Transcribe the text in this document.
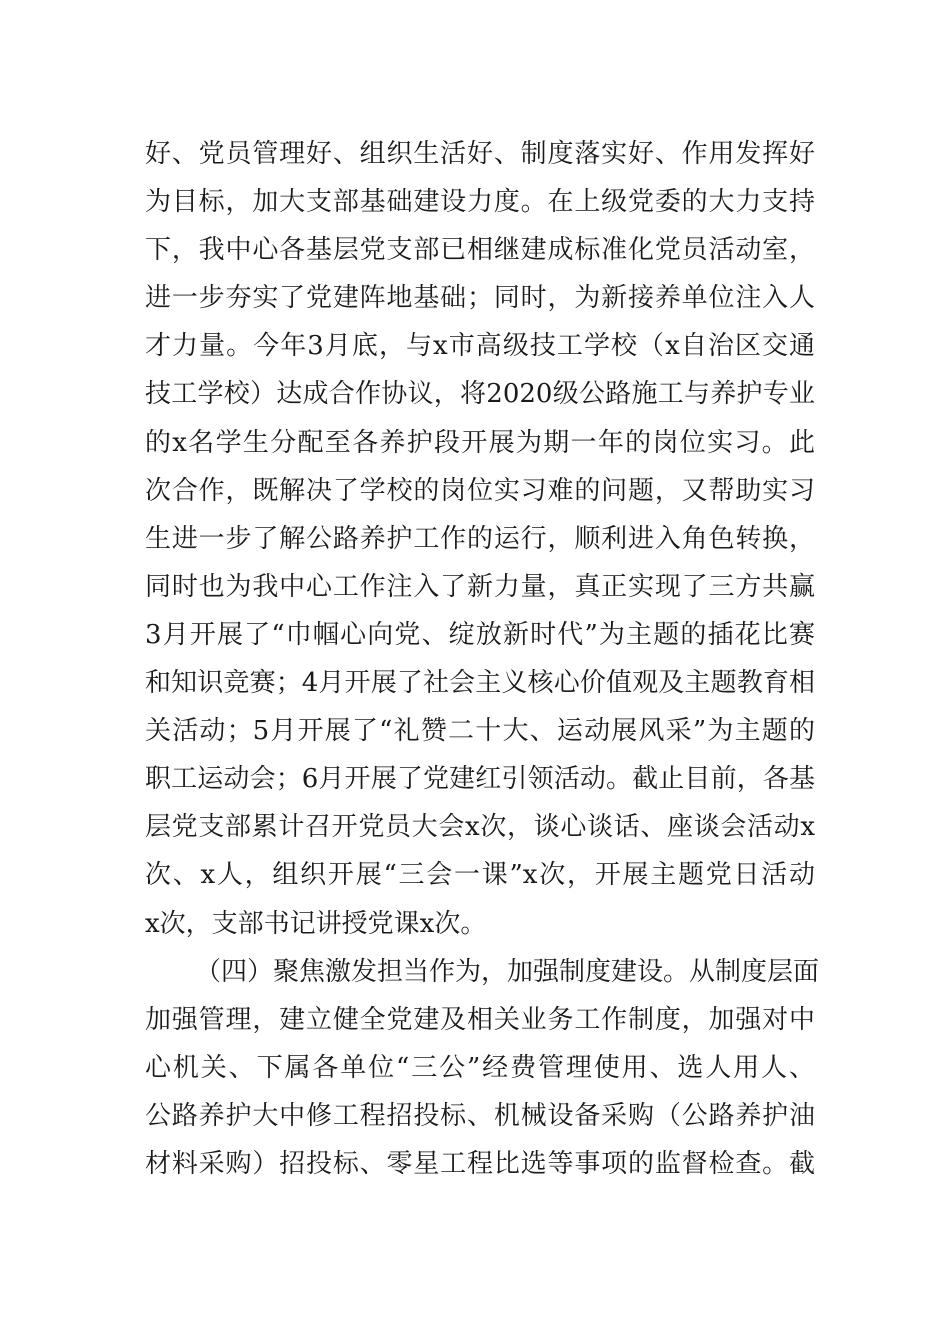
好、党员管理好、组织生活好、制度落实好、作用发挥好
为目标，加大支部基础建设力度。在上级党委的大力支持
下，我中心各基层党支部已相继建成标准化党员活动室，
进一步夯实了党建阵地基础；同时，为新接养单位注入人
才力量。今年3月底，与x市高级技工学校（x自治区交通
技工学校）达成合作协议，将2020级公路施工与养护专业
的x名学生分配至各养护段开展为期一年的岗位实习。此
次合作，既解决了学校的岗位实习难的问题，又帮助实习
生进一步了解公路养护工作的运行，顺利进入角色转换，
同时也为我中心工作注入了新力量，真正实现了三方共赢
3月开展了“巾帼心向党、绽放新时代”为主题的插花比赛
和知识竞赛；4月开展了社会主义核心价值观及主题教育相
关活动；5月开展了“礼赞二十大、运动展风采”为主题的
职工运动会；6月开展了党建红引领活动。截止目前，各基
层党支部累计召开党员大会x次，谈心谈话、座谈会活动x
次、x人，组织开展“三会一课”x次，开展主题党日活动
x次，支部书记讲授党课x次。
（四）聚焦激发担当作为，加强制度建设。从制度层面
加强管理，建立健全党建及相关业务工作制度，加强对中
心机关、下属各单位“三公”经费管理使用、选人用人、
公路养护大中修工程招投标、机械设备采购（公路养护油
材料采购）招投标、零星工程比选等事项的监督检查。截
